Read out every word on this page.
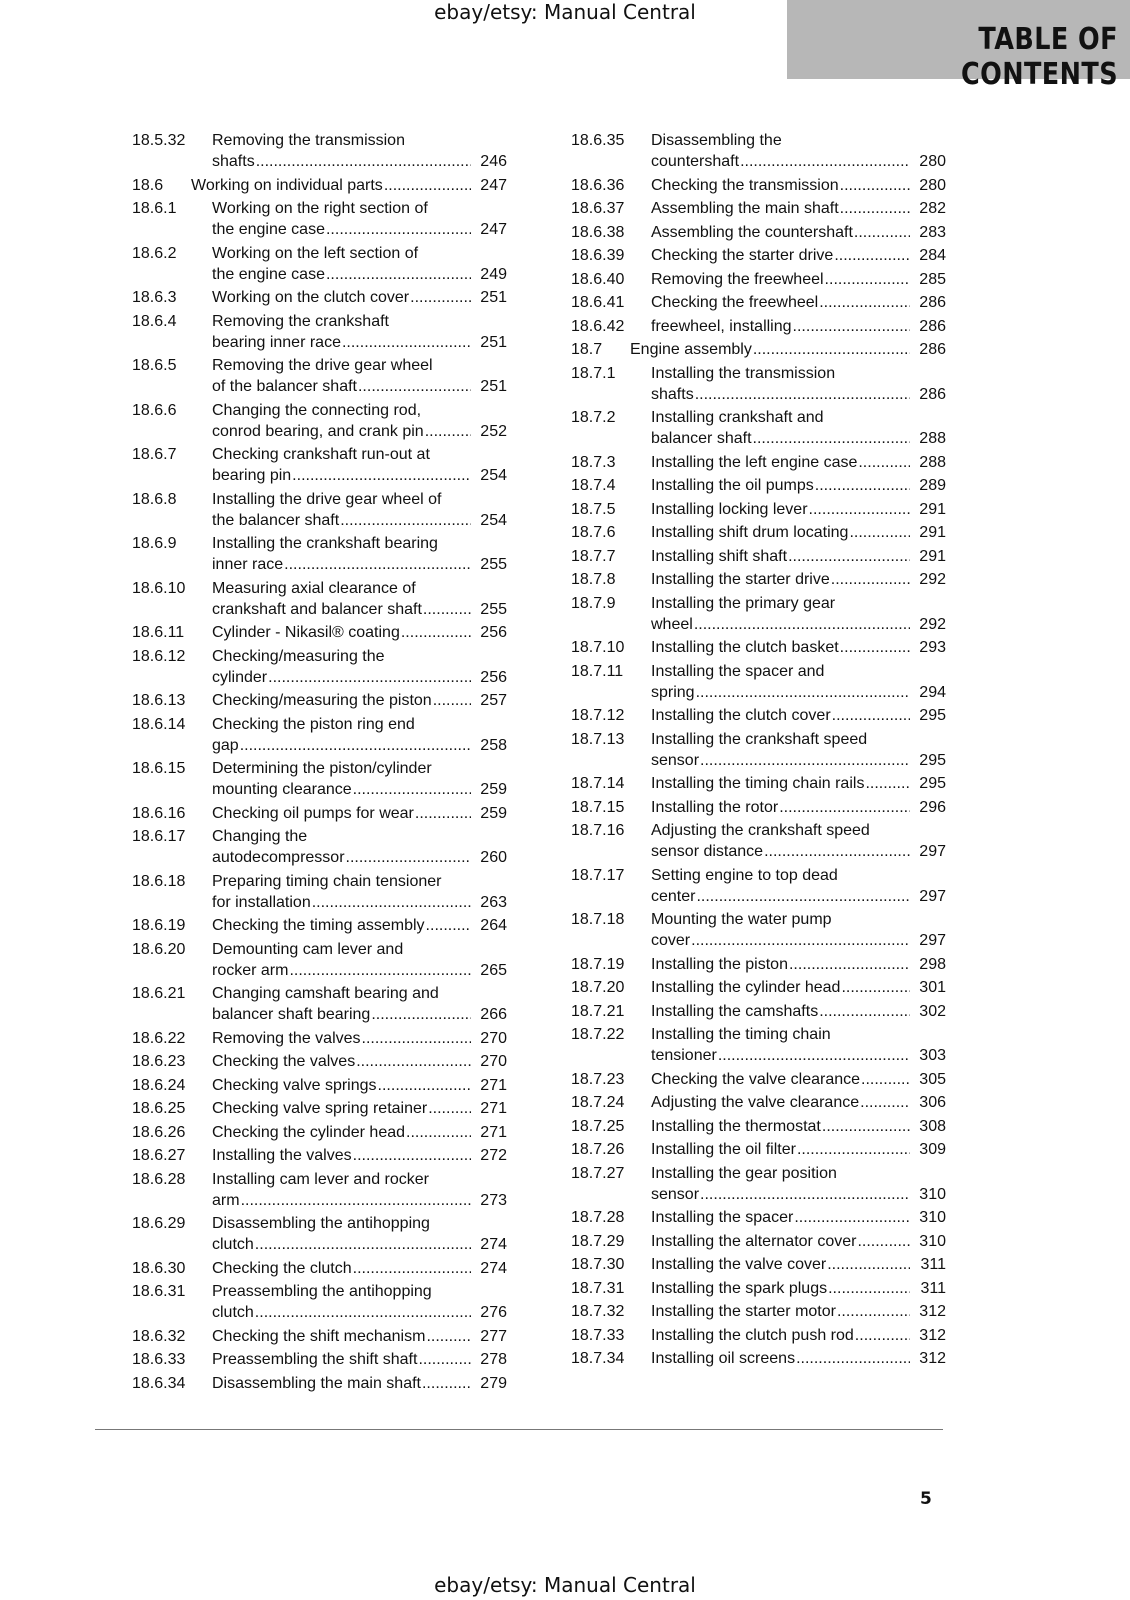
ebay/etsy: Manual Central
TABLE OF CONTENTS
18.5.32	Removing the transmission
shafts .....	246
18.6	Working on individual parts .....	247
18.6.1	Working on the right section of
the engine case .....	247
18.6.2	Working on the left section of
the engine case .....	249
18.6.3	Working on the clutch cover .....	251
18.6.4	Removing the crankshaft
bearing inner race .....	251
18.6.5	Removing the drive gear wheel
of the balancer shaft .....	251
18.6.6	Changing the connecting rod,
conrod bearing, and crank pin .....	252
18.6.7	Checking crankshaft run-out at
bearing pin .....	254
18.6.8	Installing the drive gear wheel of
the balancer shaft .....	254
18.6.9	Installing the crankshaft bearing
inner race .....	255
18.6.10	Measuring axial clearance of
crankshaft and balancer shaft .....	255
18.6.11	Cylinder - Nikasil® coating .....	256
18.6.12	Checking/measuring the
cylinder .....	256
18.6.13	Checking/measuring the piston .....	257
18.6.14	Checking the piston ring end
gap .....	258
18.6.15	Determining the piston/cylinder
mounting clearance .....	259
18.6.16	Checking oil pumps for wear .....	259
18.6.17	Changing the
autodecompressor .....	260
18.6.18	Preparing timing chain tensioner
for installation .....	263
18.6.19	Checking the timing assembly .....	264
18.6.20	Demounting cam lever and
rocker arm .....	265
18.6.21	Changing camshaft bearing and
balancer shaft bearing .....	266
18.6.22	Removing the valves .....	270
18.6.23	Checking the valves .....	270
18.6.24	Checking valve springs .....	271
18.6.25	Checking valve spring retainer .....	271
18.6.26	Checking the cylinder head .....	271
18.6.27	Installing the valves .....	272
18.6.28	Installing cam lever and rocker
arm .....	273
18.6.29	Disassembling the antihopping
clutch .....	274
18.6.30	Checking the clutch .....	274
18.6.31	Preassembling the antihopping
clutch .....	276
18.6.32	Checking the shift mechanism .....	277
18.6.33	Preassembling the shift shaft .....	278
18.6.34	Disassembling the main shaft .....	279
18.6.35	Disassembling the
countershaft .....	280
18.6.36	Checking the transmission .....	280
18.6.37	Assembling the main shaft .....	282
18.6.38	Assembling the countershaft .....	283
18.6.39	Checking the starter drive .....	284
18.6.40	Removing the freewheel .....	285
18.6.41	Checking the freewheel .....	286
18.6.42	freewheel, installing .....	286
18.7	Engine assembly .....	286
18.7.1	Installing the transmission
shafts .....	286
18.7.2	Installing crankshaft and
balancer shaft .....	288
18.7.3	Installing the left engine case .....	288
18.7.4	Installing the oil pumps .....	289
18.7.5	Installing locking lever .....	291
18.7.6	Installing shift drum locating .....	291
18.7.7	Installing shift shaft .....	291
18.7.8	Installing the starter drive .....	292
18.7.9	Installing the primary gear
wheel .....	292
18.7.10	Installing the clutch basket .....	293
18.7.11	Installing the spacer and
spring .....	294
18.7.12	Installing the clutch cover .....	295
18.7.13	Installing the crankshaft speed
sensor .....	295
18.7.14	Installing the timing chain rails .....	295
18.7.15	Installing the rotor .....	296
18.7.16	Adjusting the crankshaft speed
sensor distance .....	297
18.7.17	Setting engine to top dead
center .....	297
18.7.18	Mounting the water pump
cover .....	297
18.7.19	Installing the piston .....	298
18.7.20	Installing the cylinder head .....	301
18.7.21	Installing the camshafts .....	302
18.7.22	Installing the timing chain
tensioner .....	303
18.7.23	Checking the valve clearance .....	305
18.7.24	Adjusting the valve clearance .....	306
18.7.25	Installing the thermostat .....	308
18.7.26	Installing the oil filter .....	309
18.7.27	Installing the gear position
sensor .....	310
18.7.28	Installing the spacer .....	310
18.7.29	Installing the alternator cover .....	310
18.7.30	Installing the valve cover .....	311
18.7.31	Installing the spark plugs .....	311
18.7.32	Installing the starter motor .....	312
18.7.33	Installing the clutch push rod .....	312
18.7.34	Installing oil screens .....	312
5
ebay/etsy: Manual Central
